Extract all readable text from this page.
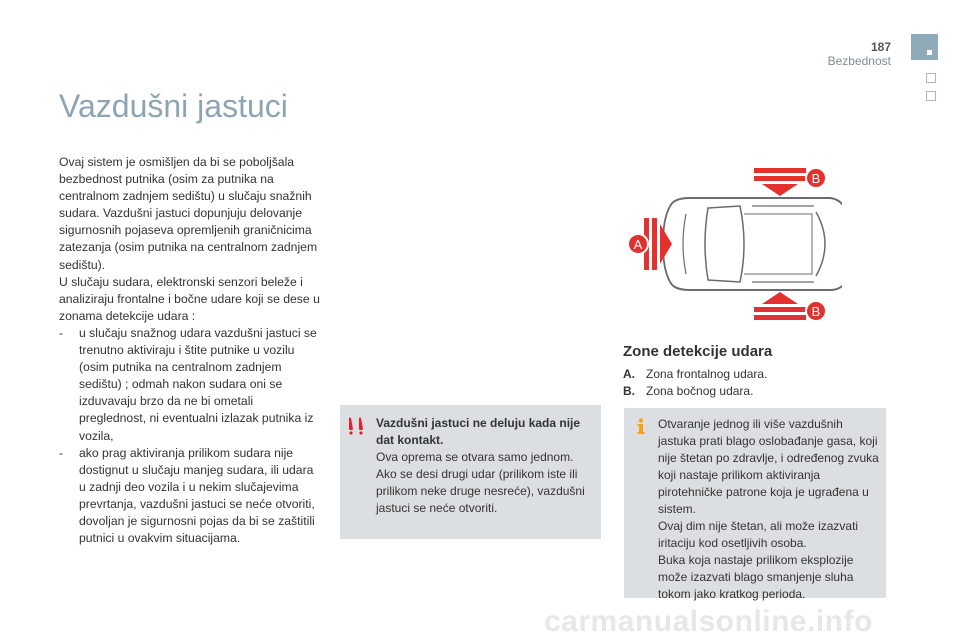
187
Bezbednost
Vazdušni jastuci

Ovaj sistem je osmišljen da bi se poboljšala bezbednost putnika (osim za putnika na centralnom zadnjem sedištu) u slučaju snažnih sudara. Vazdušni jastuci dopunjuju delovanje sigurnosnih pojaseva opremljenih graničnicima zatezanja (osim putnika na centralnom zadnjem sedištu).

U slučaju sudara, elektronski senzori beleže i analiziraju frontalne i bočne udare koji se dese u zonama detekcije udara :

- u slučaju snažnog udara vazdušni jastuci se trenutno aktiviraju i štite putnike u vozilu (osim putnika na centralnom zadnjem sedištu) ; odmah nakon sudara oni se izduvavaju brzo da ne bi ometali preglednost, ni eventualni izlazak putnika iz vozila,
- ako prag aktiviranja prilikom sudara nije dostignut u slučaju manjeg sudara, ili udara u zadnji deo vozila i u nekim slučajevima prevrtanja, vazdušni jastuci se neće otvoriti, dovoljan je sigurnosni pojas da bi se zaštitili putnici u ovakvim situacijama.

Vazdušni jastuci ne deluju kada nije dat kontakt.

Ova oprema se otvara samo jednom. Ako se desi drugi udar (prilikom iste ili prilikom neke druge nesreće), vazdušni jastuci se neće otvoriti.

A
B
B
Zone detekcije udara
A. Zona frontalnog udara.
B. Zona bočnog udara.

Otvaranje jednog ili više vazdušnih jastuka prati blago oslobađanje gasa, koji nije štetan po zdravlje, i određenog zvuka koji nastaje prilikom aktiviranja pirotehničke patrone koja je ugrađena u sistem.

Ovaj dim nije štetan, ali može izazvati iritaciju kod osetljivih osoba.

Buka koja nastaje prilikom eksplozije može izazvati blago smanjenje sluha tokom jako kratkog perioda.

carmanualsonline.info
